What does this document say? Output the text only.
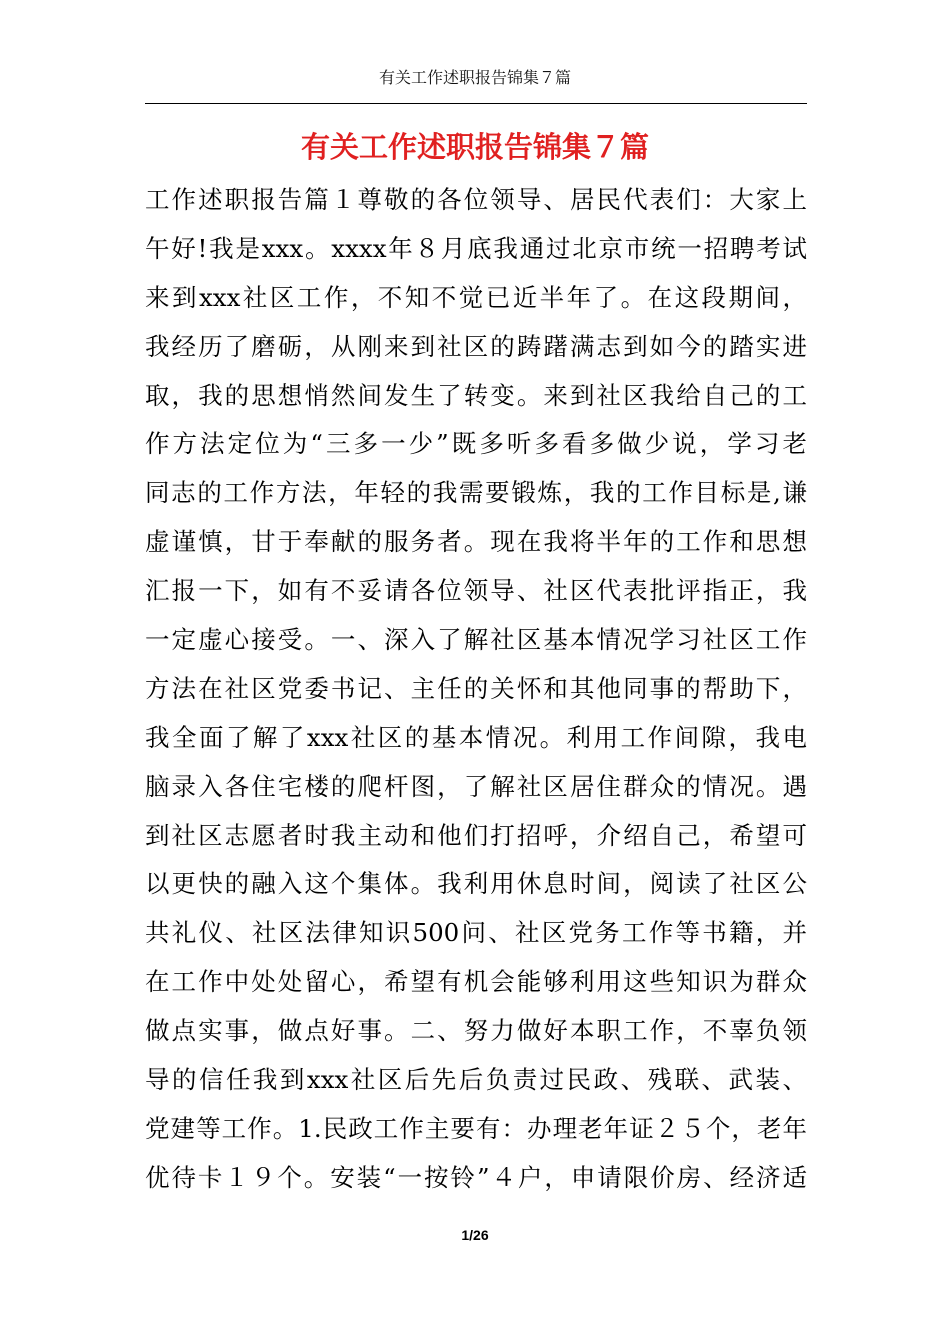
有关工作述职报告锦集７篇
有关工作述职报告锦集７篇
工作述职报告篇１尊敬的各位领导、居民代表们：大家上
午好!我是xxx。xxxx年８月底我通过北京市统一招聘考试
来到xxx社区工作，不知不觉已近半年了。在这段期间，
我经历了磨砺，从刚来到社区的踌躇满志到如今的踏实进
取，我的思想悄然间发生了转变。来到社区我给自己的工
作方法定位为“三多一少”既多听多看多做少说，学习老
同志的工作方法，年轻的我需要锻炼，我的工作目标是,谦
虚谨慎，甘于奉献的服务者。现在我将半年的工作和思想
汇报一下，如有不妥请各位领导、社区代表批评指正，我
一定虚心接受。一、深入了解社区基本情况学习社区工作
方法在社区党委书记、主任的关怀和其他同事的帮助下，
我全面了解了xxx社区的基本情况。利用工作间隙，我电
脑录入各住宅楼的爬杆图，了解社区居住群众的情况。遇
到社区志愿者时我主动和他们打招呼，介绍自己，希望可
以更快的融入这个集体。我利用休息时间，阅读了社区公
共礼仪、社区法律知识500问、社区党务工作等书籍，并
在工作中处处留心，希望有机会能够利用这些知识为群众
做点实事，做点好事。二、努力做好本职工作，不辜负领
导的信任我到xxx社区后先后负责过民政、残联、武装、
党建等工作。1.民政工作主要有：办理老年证２５个，老年
优待卡１９个。安装“一按铃”４户，申请限价房、经济适
1/26
